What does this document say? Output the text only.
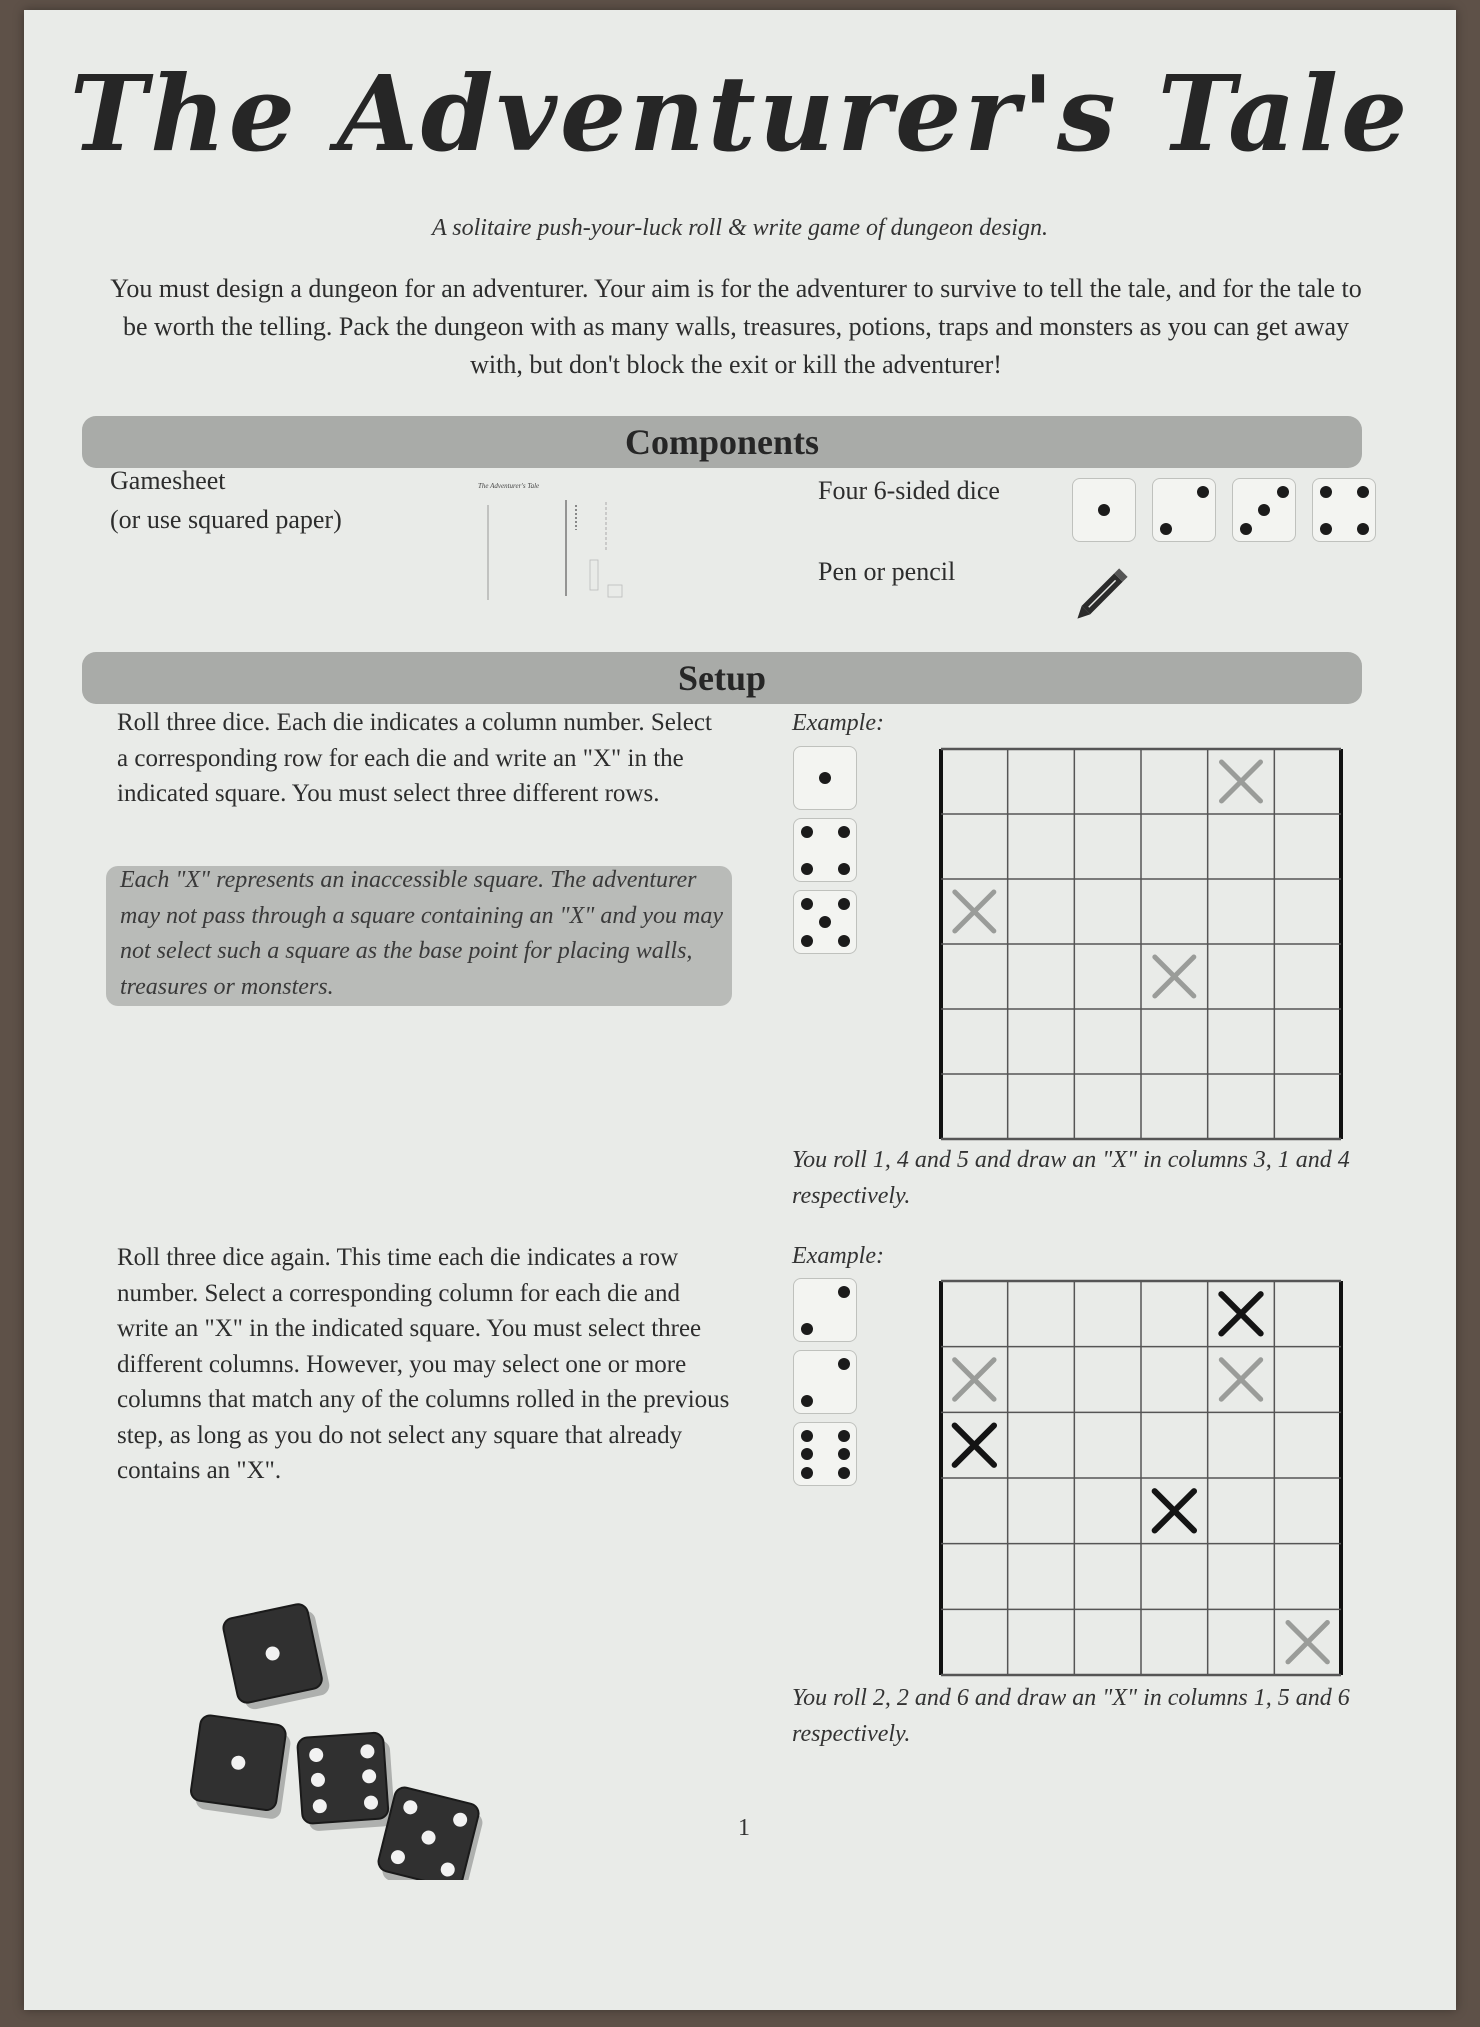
The Adventurer's Tale
A solitaire push-your-luck roll & write game of dungeon design.
You must design a dungeon for an adventurer. Your aim is for the adventurer to survive to tell the tale, and for the tale to be worth the telling. Pack the dungeon with as many walls, treasures, potions, traps and monsters as you can get away with, but don't block the exit or kill the adventurer!
Components
Gamesheet
(or use squared paper)
The Adventurer's Tale	Four 6-sided dice
Pen or pencil
Setup
Roll three dice. Each die indicates a column number. Select a corresponding row for each die and write an "X" in the indicated square. You must select three different rows.
Each "X" represents an inaccessible square. The adventurer may not pass through a square containing an "X" and you may not select such a square as the base point for placing walls, treasures or monsters.
Example:
You roll 1, 4 and 5 and draw an "X" in columns 3, 1 and 4 respectively.
Roll three dice again. This time each die indicates a row number. Select a corresponding column for each die and write an "X" in the indicated square. You must select three different columns. However, you may select one or more columns that match any of the columns rolled in the previous step, as long as you do not select any square that already contains an "X".
Example:
You roll 2, 2 and 6 and draw an "X" in columns 1, 5 and 6 respectively.
1
